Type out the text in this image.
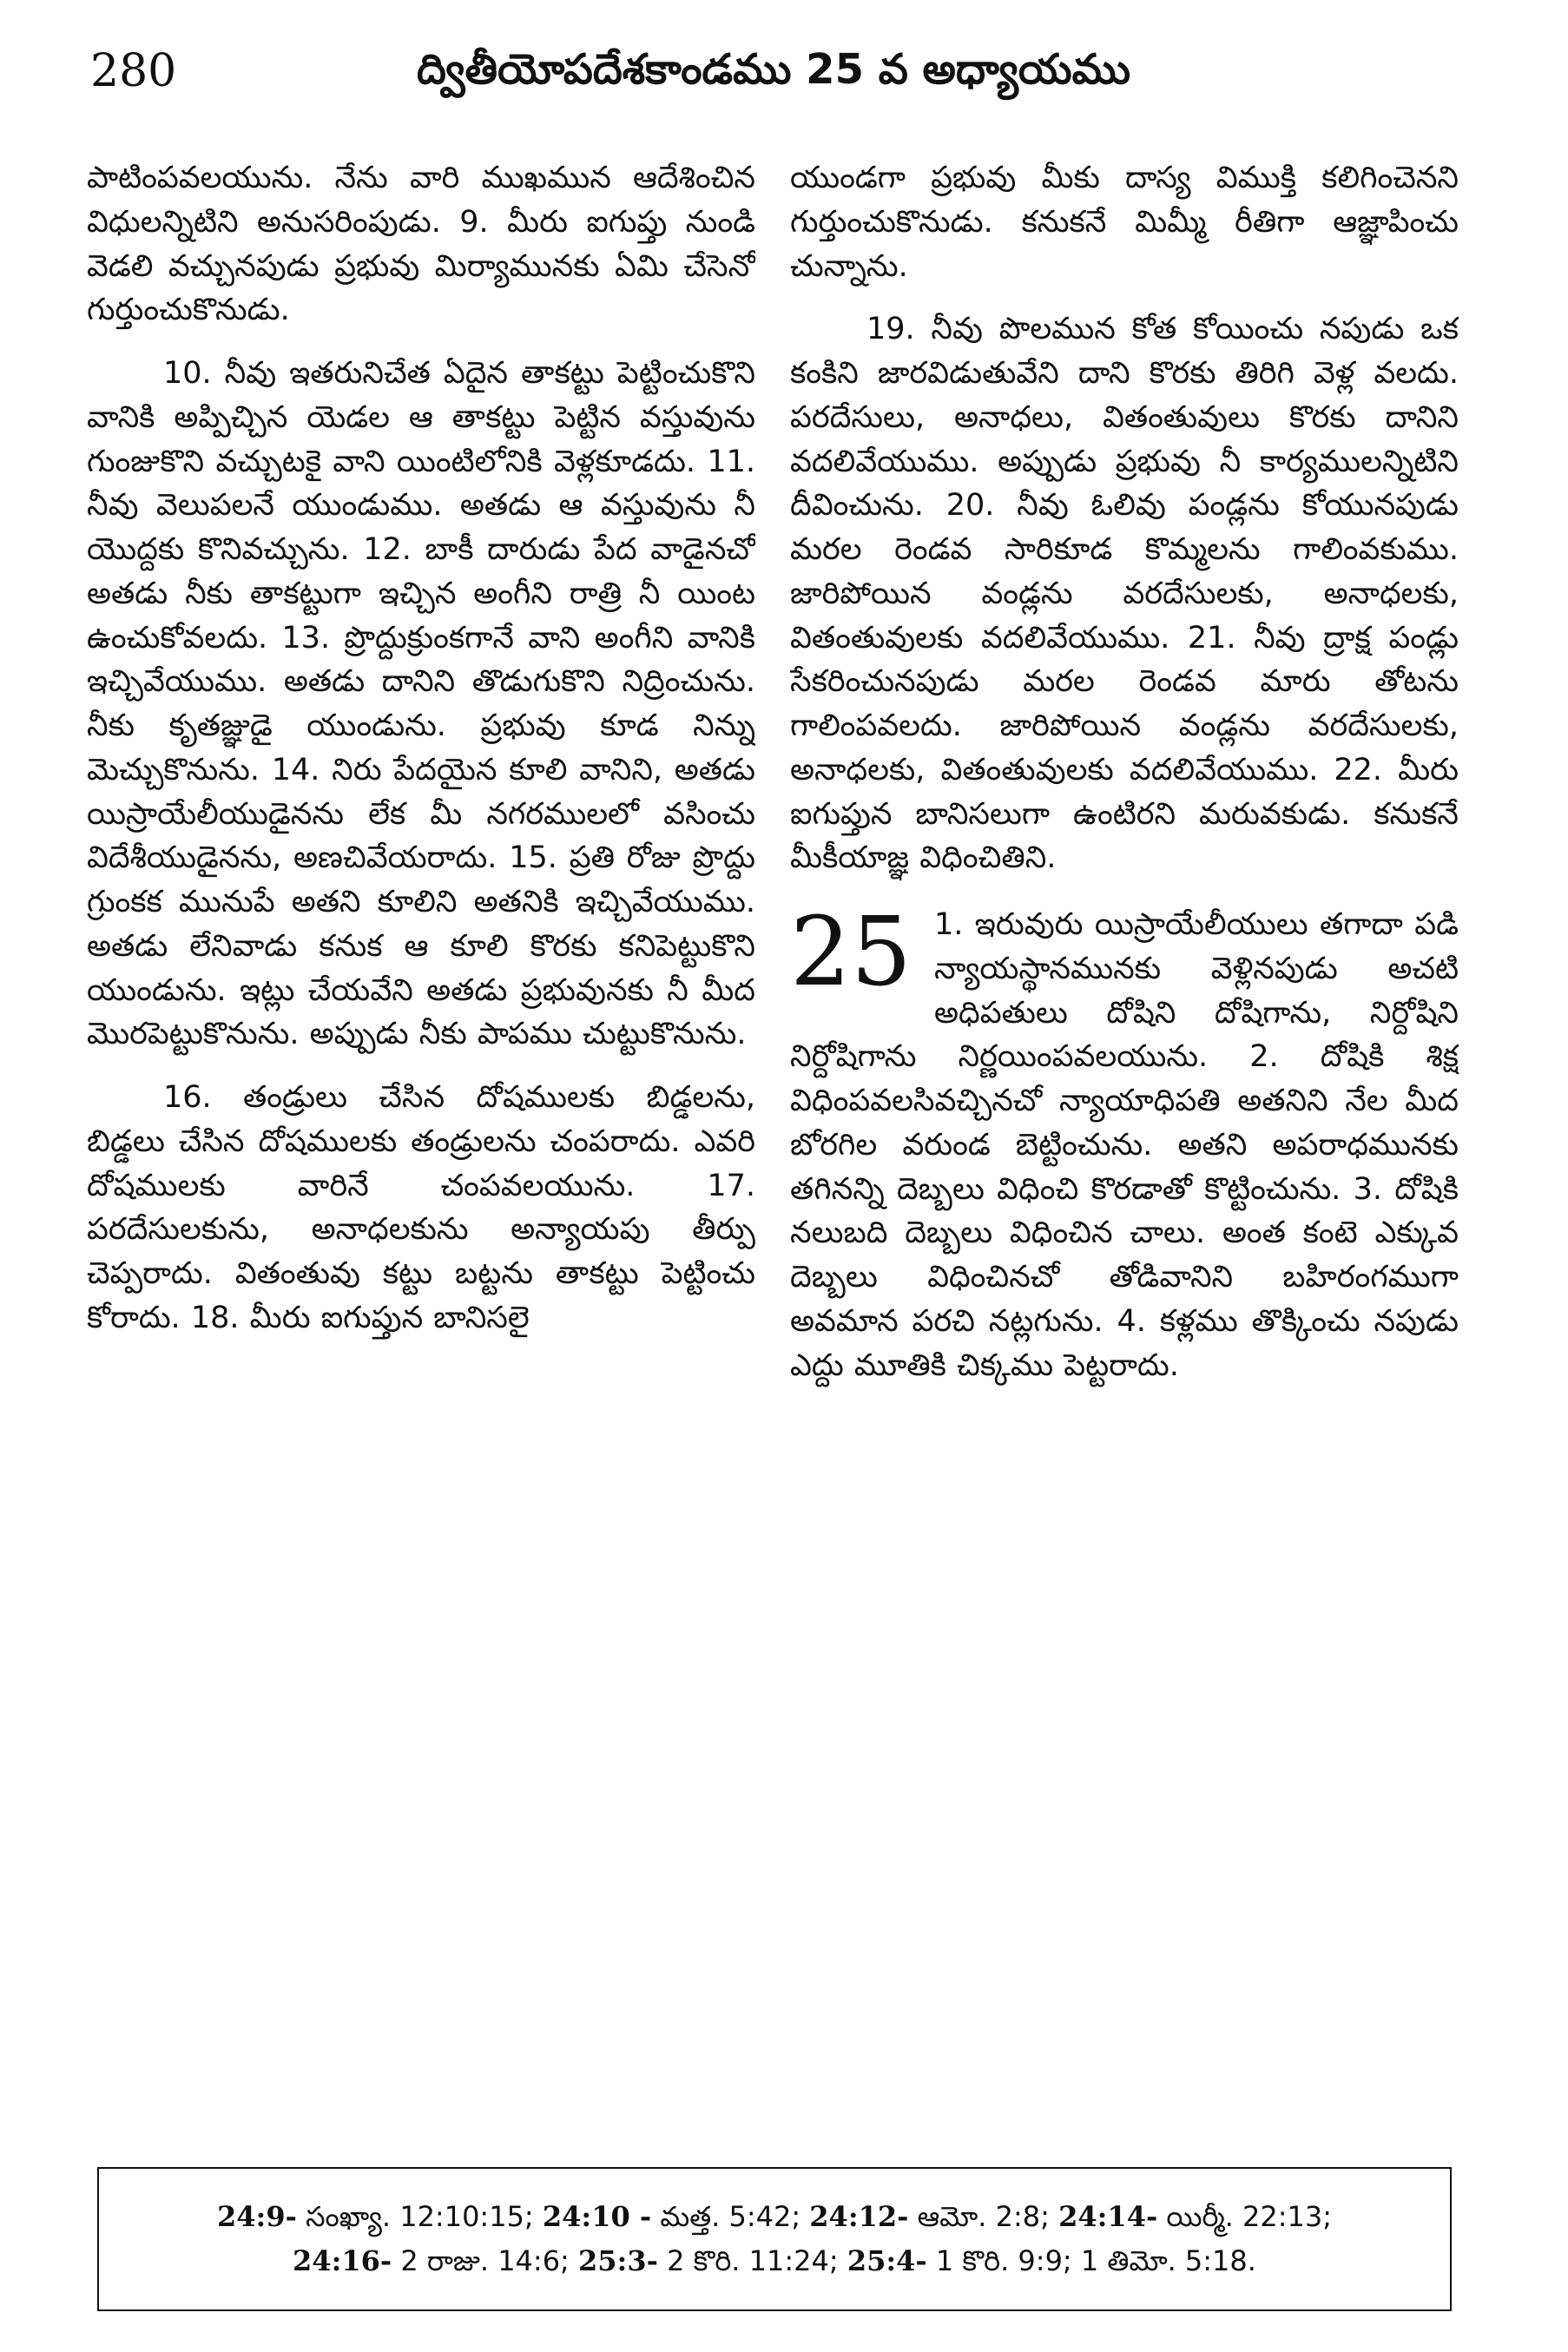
280	ద్వితీయోపదేశకాండము 25 వ అధ్యాయము

పాటింపవలయును. నేను వారి ముఖమున ఆదేశించిన విధులన్నిటిని అనుసరింపుడు. 9. మీరు ఐగుప్తు నుండి వెడలి వచ్చునపుడు ప్రభువు మిర్యామునకు ఏమి చేసెనో గుర్తుంచుకొనుడు.

10. నీవు ఇతరునిచేత ఏదైన తాకట్టు పెట్టించుకొని వానికి అప్పిచ్చిన యెడల ఆ తాకట్టు పెట్టిన వస్తువును గుంజుకొని వచ్చుటకై వాని యింటిలోనికి వెళ్లకూడదు. 11. నీవు వెలుపలనే యుండుము. అతడు ఆ వస్తువును నీ యొద్దకు కొనివచ్చును. 12. బాకీ దారుడు పేద వాడైనచో అతడు నీకు తాకట్టుగా ఇచ్చిన అంగీని రాత్రి నీ యింట ఉంచుకోవలదు. 13. ప్రొద్దుక్రుంకగానే వాని అంగీని వానికి ఇచ్చివేయుము. అతడు దానిని తొడుగుకొని నిద్రించును. నీకు కృతజ్ఞుడై యుండును. ప్రభువు కూడ నిన్ను మెచ్చుకొనును. 14. నిరు పేదయైన కూలి వానిని, అతడు యిస్రాయేలీయుడైనను లేక మీ నగరములలో వసించు విదేశీయుడైనను, అణచివేయరాదు. 15. ప్రతి రోజు ప్రొద్దు గ్రుంకక మునుపే అతని కూలిని అతనికి ఇచ్చివేయుము. అతడు లేనివాడు కనుక ఆ కూలి కొరకు కనిపెట్టుకొని యుండును. ఇట్లు చేయవేని అతడు ప్రభువునకు నీ మీద మొరపెట్టుకొనును. అప్పుడు నీకు పాపము చుట్టుకొనును.

16. తండ్రులు చేసిన దోషములకు బిడ్డలను, బిడ్డలు చేసిన దోషములకు తండ్రులను చంపరాదు. ఎవరి దోషములకు వారినే చంపవలయును. 17. పరదేసులకును, అనాధలకును అన్యాయపు తీర్పు చెప్పరాదు. వితంతువు కట్టు బట్టను తాకట్టు పెట్టించు కోరాదు. 18. మీరు ఐగుప్తున బానిసలై

యుండగా ప్రభువు మీకు దాస్య విముక్తి కలిగించెనని గుర్తుంచుకొనుడు. కనుకనే మిమ్మీ రీతిగా ఆజ్ఞాపించు చున్నాను.

19. నీవు పొలమున కోత కోయించు నపుడు ఒక కంకిని జారవిడుతువేని దాని కొరకు తిరిగి వెళ్ల వలదు. పరదేసులు, అనాధలు, వితంతువులు కొరకు దానిని వదలివేయుము. అప్పుడు ప్రభువు నీ కార్యములన్నిటిని దీవించును. 20. నీవు ఓలివు పండ్లను కోయునపుడు మరల రెండవ సారికూడ కొమ్మలను గాలింవకుము. జారిపోయిన వండ్లను వరదేసులకు, అనాధలకు, వితంతువులకు వదలివేయుము. 21. నీవు ద్రాక్ష పండ్లు సేకరించునపుడు మరల రెండవ మారు తోటను గాలింపవలదు. జారిపోయిన వండ్లను వరదేసులకు, అనాధలకు, వితంతువులకు వదలివేయుము. 22. మీరు ఐగుప్తున బానిసలుగా ఉంటిరని మరువకుడు. కనుకనే మీకీయాజ్ఞ విధించితిని.

25 1. ఇరువురు యిస్రాయేలీయులు తగాదా పడి న్యాయస్థానమునకు వెళ్లినపుడు అచటి అధిపతులు దోషిని దోషిగాను, నిర్దోషిని నిర్దోషిగాను నిర్ణయింపవలయును. 2. దోషికి శిక్ష విధింపవలసివచ్చినచో న్యాయాధిపతి అతనిని నేల మీద బోరగిల వరుండ బెట్టించును. అతని అపరాధమునకు తగినన్ని దెబ్బలు విధించి కొరడాతో కొట్టించును. 3. దోషికి నలుబది దెబ్బలు విధించిన చాలు. అంత కంటె ఎక్కువ దెబ్బలు విధించినచో తోడివానిని బహిరంగముగా అవమాన పరచి నట్లగును. 4. కళ్లము తొక్కించు నపుడు ఎద్దు మూతికి చిక్కము పెట్టరాదు.

24:9- సంఖ్యా. 12:10:15; 24:10 - మత్త. 5:42; 24:12- ఆమో. 2:8; 24:14- యిర్మీ. 22:13;
24:16- 2 రాజు. 14:6; 25:3- 2 కొరి. 11:24; 25:4- 1 కొరి. 9:9; 1 తిమో. 5:18.
